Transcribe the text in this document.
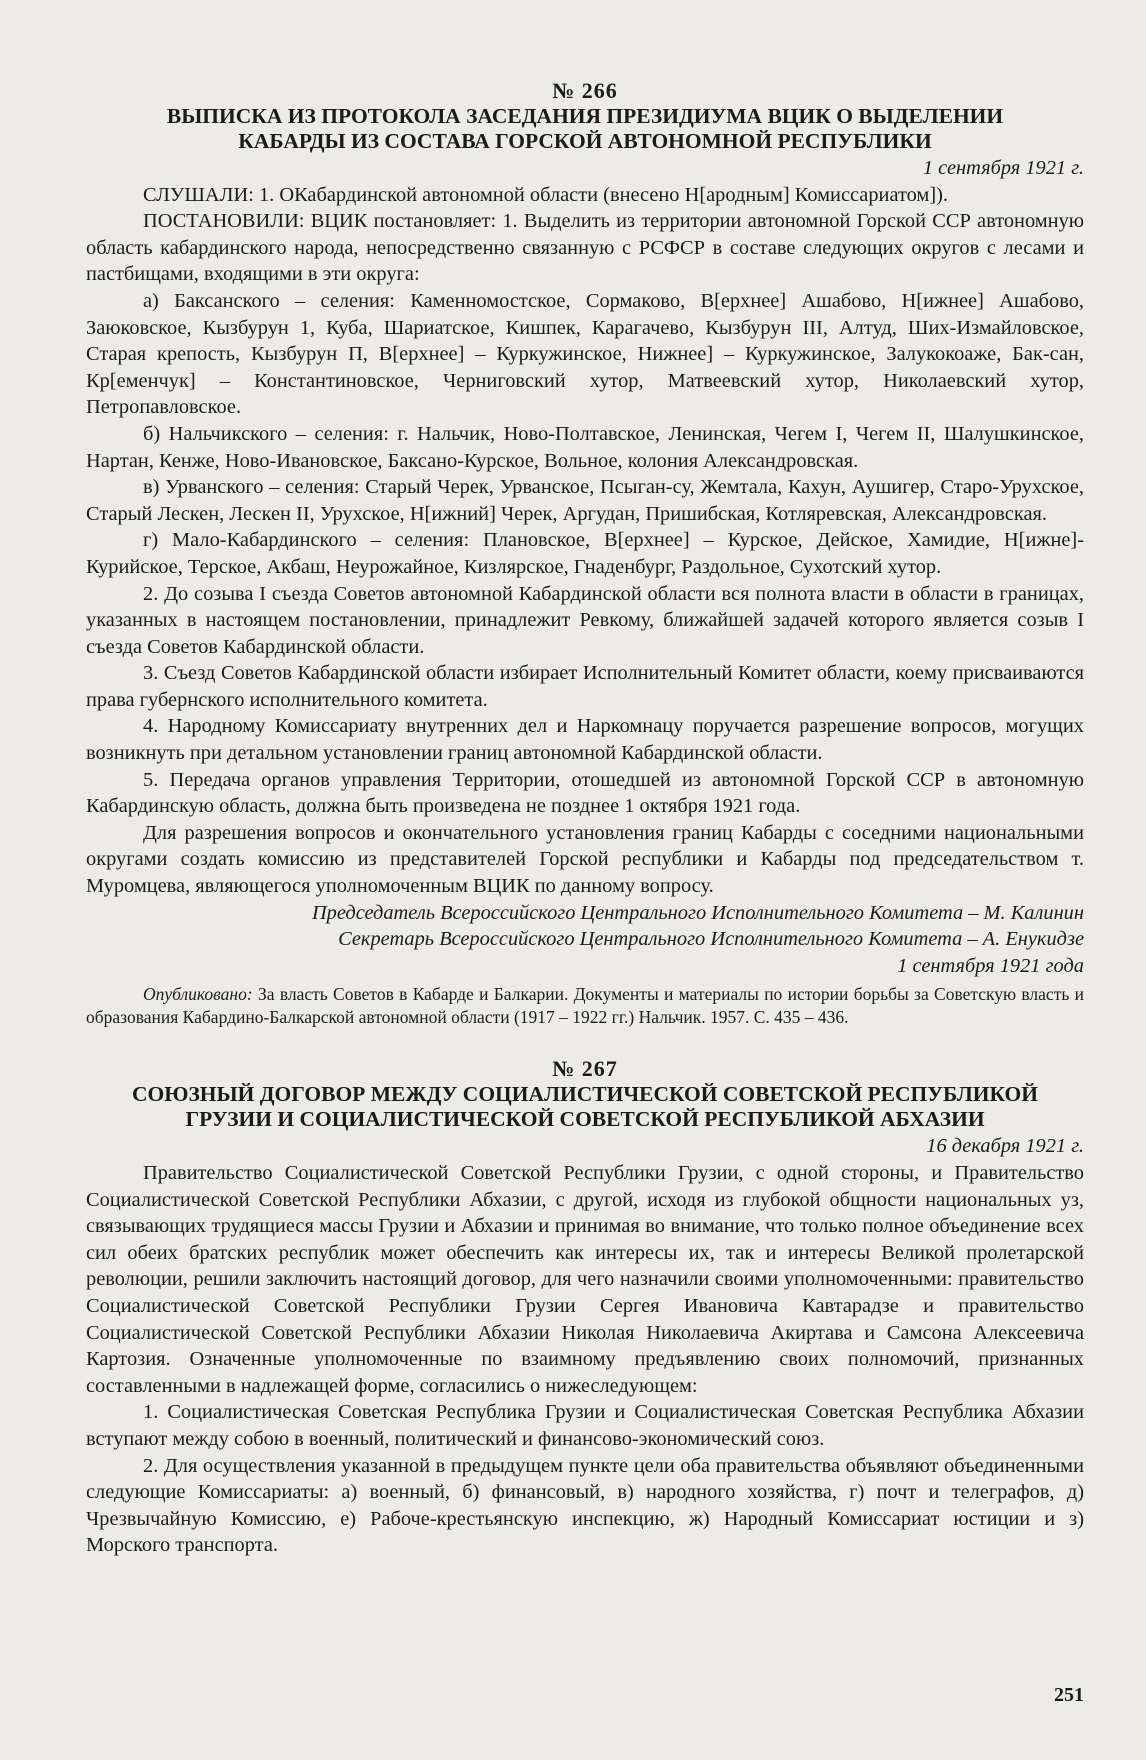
№ 266
ВЫПИСКА ИЗ ПРОТОКОЛА ЗАСЕДАНИЯ ПРЕЗИДИУМА ВЦИК О ВЫДЕЛЕНИИ
КАБАРДЫ ИЗ СОСТАВА ГОРСКОЙ АВТОНОМНОЙ РЕСПУБЛИКИ
1 сентября 1921 г.

СЛУШАЛИ: 1. ОКабардинской автономной области (внесено Н[ародным] Комиссариатом]).

ПОСТАНОВИЛИ: ВЦИК постановляет: 1. Выделить из территории автономной Горской ССР автономную область кабардинского народа, непосредственно связанную с РСФСР в составе следующих округов с лесами и пастбищами, входящими в эти округа:

а) Баксанского – селения: Каменномостское, Сормаково, В[ерхнее] Ашабово, Н[ижнее] Ашабово, Заюковское, Кызбурун 1, Куба, Шариатское, Кишпек, Карагачево, Кызбурун III, Алтуд, Ших-Измайловское, Старая крепость, Кызбурун П, В[ерхнее] – Куркужинское, Нижнее] – Куркужинское, Залукокоаже, Бак-сан, Кр[еменчук] – Константиновское, Черниговский хутор, Матвеевский хутор, Николаевский хутор, Петропавловское.

б) Нальчикского – селения: г. Нальчик, Ново-Полтавское, Ленинская, Чегем I, Чегем II, Шалушкинское, Нартан, Кенже, Ново-Ивановское, Баксано-Курское, Вольное, колония Александровская.

в) Урванского – селения: Старый Черек, Урванское, Псыган-су, Жемтала, Кахун, Аушигер, Старо-Урухское, Старый Лескен, Лескен II, Урухское, Н[ижний] Черек, Аргудан, Пришибская, Котляревская, Александровская.

г) Мало-Кабардинского – селения: Плановское, В[ерхнее] – Курское, Дейское, Хамидие, Н[ижне]-Курийское, Терское, Акбаш, Неурожайное, Кизлярское, Гнаденбург, Раздольное, Сухотский хутор.

2. До созыва I съезда Советов автономной Кабардинской области вся полнота власти в области в границах, указанных в настоящем постановлении, принадлежит Ревкому, ближайшей задачей которого является созыв I съезда Советов Кабардинской области.

3. Съезд Советов Кабардинской области избирает Исполнительный Комитет области, коему присваиваются права губернского исполнительного комитета.

4. Народному Комиссариату внутренних дел и Наркомнацу поручается разрешение вопросов, могущих возникнуть при детальном установлении границ автономной Кабардинской области.

5. Передача органов управления Территории, отошедшей из автономной Горской ССР в автономную Кабардинскую область, должна быть произведена не позднее 1 октября 1921 года.

Для разрешения вопросов и окончательного установления границ Кабарды с соседними национальными округами создать комиссию из представителей Горской республики и Кабарды под председательством т. Муромцева, являющегося уполномоченным ВЦИК по данному вопросу.

Председатель Всероссийского Центрального Исполнительного Комитета – М. Калинин
Секретарь Всероссийского Центрального Исполнительного Комитета – А. Енукидзе
1 сентября 1921 года
Опубликовано: За власть Советов в Кабарде и Балкарии. Документы и материалы по истории борьбы за Советскую власть и образования Кабардино-Балкарской автономной области (1917 – 1922 гг.) Нальчик. 1957. С. 435 – 436.
№ 267
СОЮЗНЫЙ ДОГОВОР МЕЖДУ СОЦИАЛИСТИЧЕСКОЙ СОВЕТСКОЙ РЕСПУБЛИКОЙ
ГРУЗИИ И СОЦИАЛИСТИЧЕСКОЙ СОВЕТСКОЙ РЕСПУБЛИКОЙ АБХАЗИИ
16 декабря 1921 г.

Правительство Социалистической Советской Республики Грузии, с одной стороны, и Правительство Социалистической Советской Республики Абхазии, с другой, исходя из глубокой общности национальных уз, связывающих трудящиеся массы Грузии и Абхазии и принимая во внимание, что только полное объединение всех сил обеих братских республик может обеспечить как интересы их, так и интересы Великой пролетарской революции, решили заключить настоящий договор, для чего назначили своими уполномоченными: правительство Социалистической Советской Республики Грузии Сергея Ивановича Кавтарадзе и правительство Социалистической Советской Республики Абхазии Николая Николаевича Акиртава и Самсона Алексеевича Картозия. Означенные уполномоченные по взаимному предъявлению своих полномочий, признанных составленными в надлежащей форме, согласились о нижеследующем:

1. Социалистическая Советская Республика Грузии и Социалистическая Советская Республика Абхазии вступают между собою в военный, политический и финансово-экономический союз.

2. Для осуществления указанной в предыдущем пункте цели оба правительства объявляют объединенными следующие Комиссариаты: а) военный, б) финансовый, в) народного хозяйства, г) почт и телеграфов, д) Чрезвычайную Комиссию, е) Рабоче-крестьянскую инспекцию, ж) Народный Комиссариат юстиции и з) Морского транспорта.

251
